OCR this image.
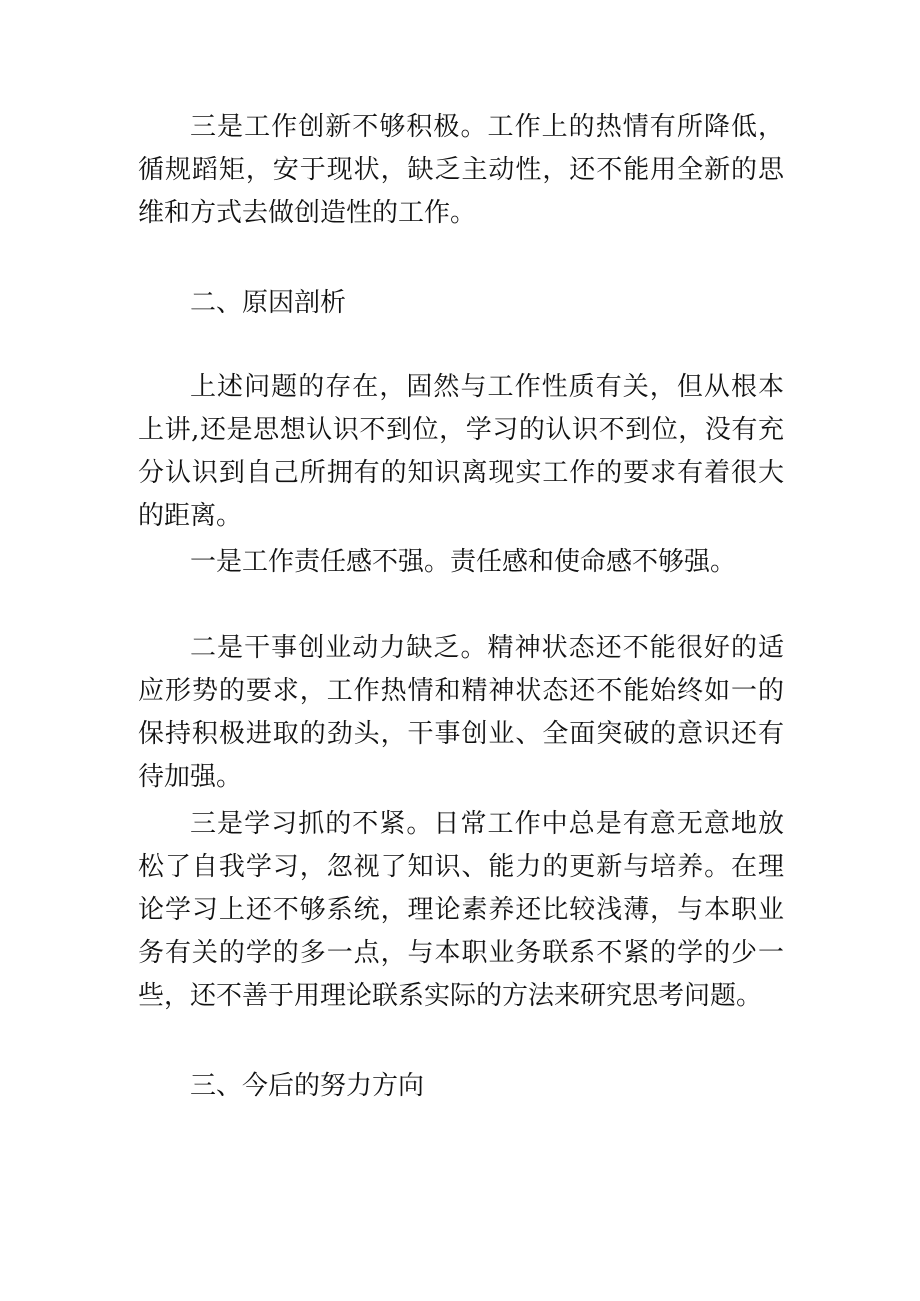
三是工作创新不够积极。工作上的热情有所降低，循规蹈矩，安于现状，缺乏主动性，还不能用全新的思维和方式去做创造性的工作。

二、原因剖析

上述问题的存在，固然与工作性质有关，但从根本上讲,还是思想认识不到位，学习的认识不到位，没有充分认识到自己所拥有的知识离现实工作的要求有着很大的距离。

一是工作责任感不强。责任感和使命感不够强。

二是干事创业动力缺乏。精神状态还不能很好的适应形势的要求，工作热情和精神状态还不能始终如一的保持积极进取的劲头，干事创业、全面突破的意识还有待加强。

三是学习抓的不紧。日常工作中总是有意无意地放松了自我学习，忽视了知识、能力的更新与培养。在理论学习上还不够系统，理论素养还比较浅薄，与本职业务有关的学的多一点，与本职业务联系不紧的学的少一些，还不善于用理论联系实际的方法来研究思考问题。

三、今后的努力方向
